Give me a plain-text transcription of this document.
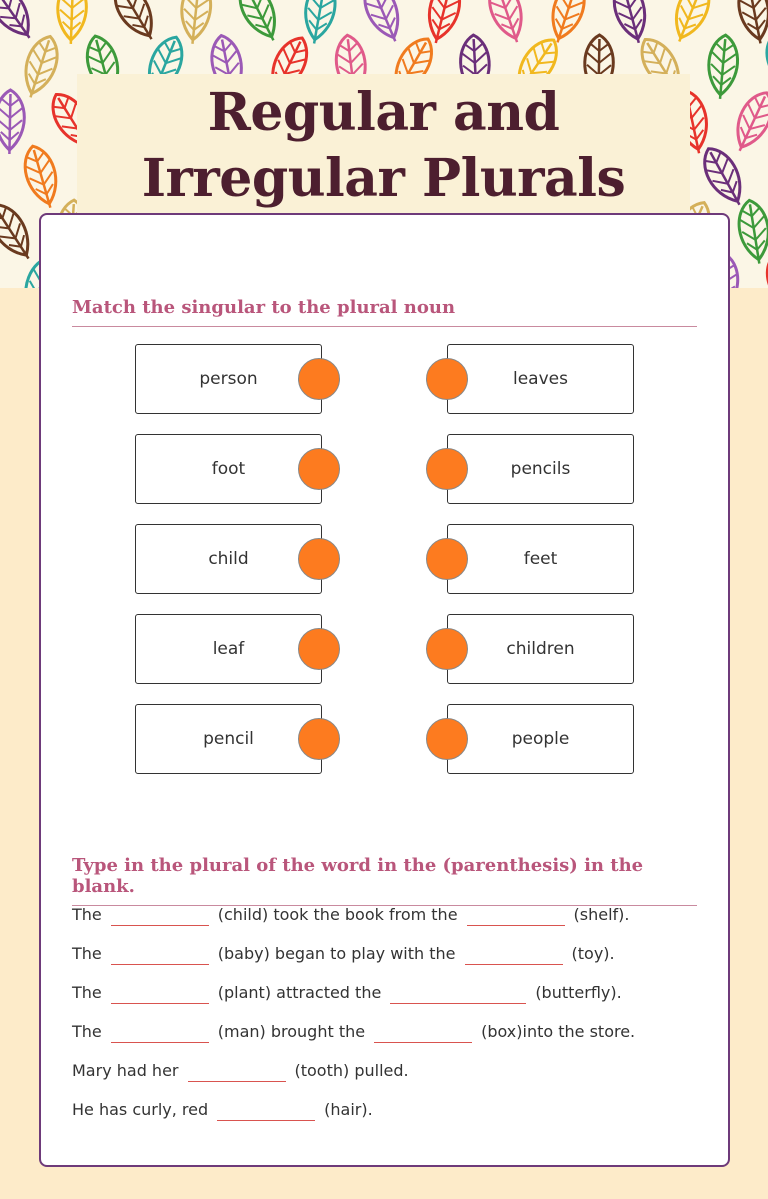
Regular and Irregular Plurals
Match the singular to the plural noun
person
foot
child
leaf
pencil
leaves
pencils
feet
children
people
Type in the plural of the word in the (parenthesis) in the blank.
The	(child) took the book from the	(shelf).
The	(baby) began to play with the	(toy).
The	(plant) attracted the	(butterfly).
The	(man) brought the	(box)into the store.
Mary had her	(tooth) pulled.
He has curly, red	(hair).
